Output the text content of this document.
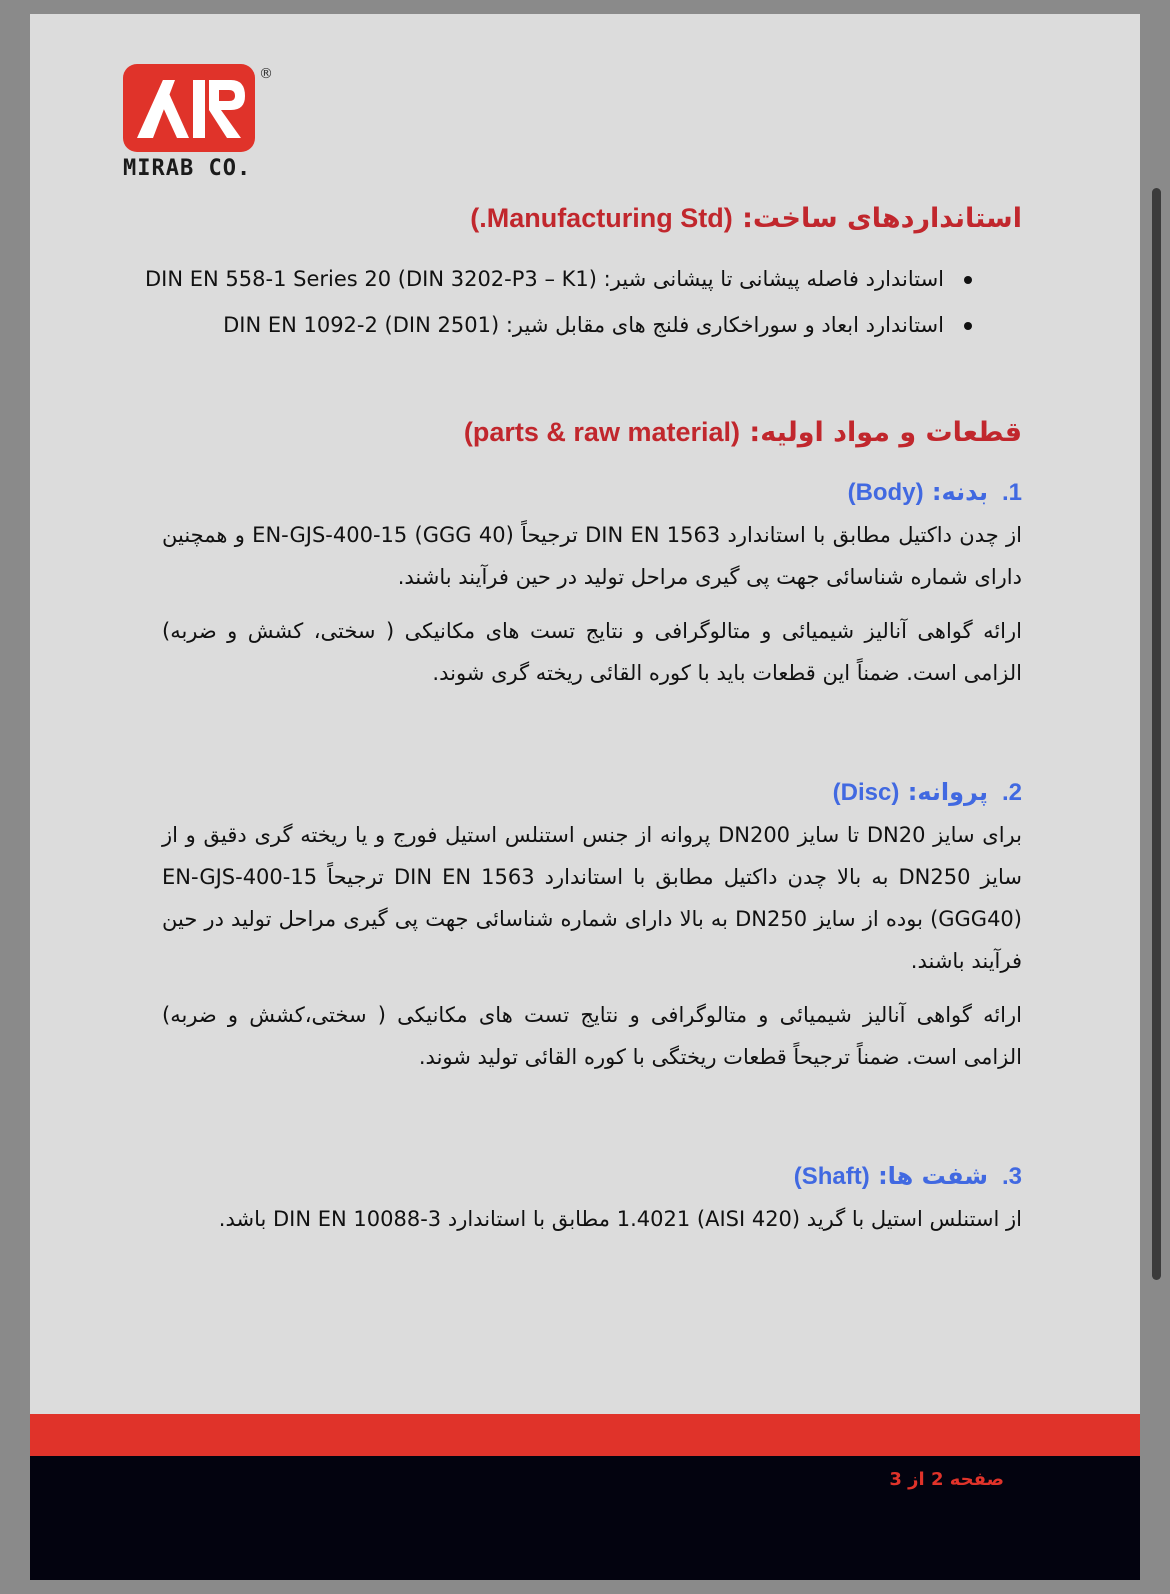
®
MIRAB CO.
استانداردهای ساخت: (Manufacturing Std.)
استاندارد فاصله پیشانی تا پیشانی شیر: (DIN 3202-P3 – K1) DIN EN 558-1 Series 20
استاندارد ابعاد و سوراخکاری فلنج های مقابل شیر: (DIN 2501) DIN EN 1092-2
قطعات و مواد اولیه: (parts & raw material)
1.بدنه: (Body)

از چدن داکتیل مطابق با استاندارد DIN EN 1563 ترجیحاً (EN-GJS-400-15 (GGG 40 و همچنین دارای شماره شناسائی جهت پی گیری مراحل تولید در حین فرآیند باشند.

ارائه گواهی آنالیز شیمیائی و متالوگرافی و نتایج تست های مکانیکی ( سختی، کشش و ضربه) الزامی است. ضمناً این قطعات باید با کوره القائی ریخته گری شوند.

2.پروانه: (Disc)

برای سایز DN20 تا سایز DN200 پروانه از جنس استنلس استیل فورج و یا ریخته گری دقیق و از سایز DN250 به بالا چدن داکتیل مطابق با استاندارد DIN EN 1563 ترجیحاً EN-GJS-400-15 (GGG40) بوده از سایز DN250 به بالا دارای شماره شناسائی جهت پی گیری مراحل تولید در حین فرآیند باشند.

ارائه گواهی آنالیز شیمیائی و متالوگرافی و نتایج تست های مکانیکی ( سختی،کشش و ضربه) الزامی است. ضمناً ترجیحاً قطعات ریختگی با کوره القائی تولید شوند.

3.شفت ها: (Shaft)

از استنلس استیل با گرید (AISI 420) 1.4021 مطابق با استاندارد DIN EN 10088-3 باشد.

صفحه 2 از 3
